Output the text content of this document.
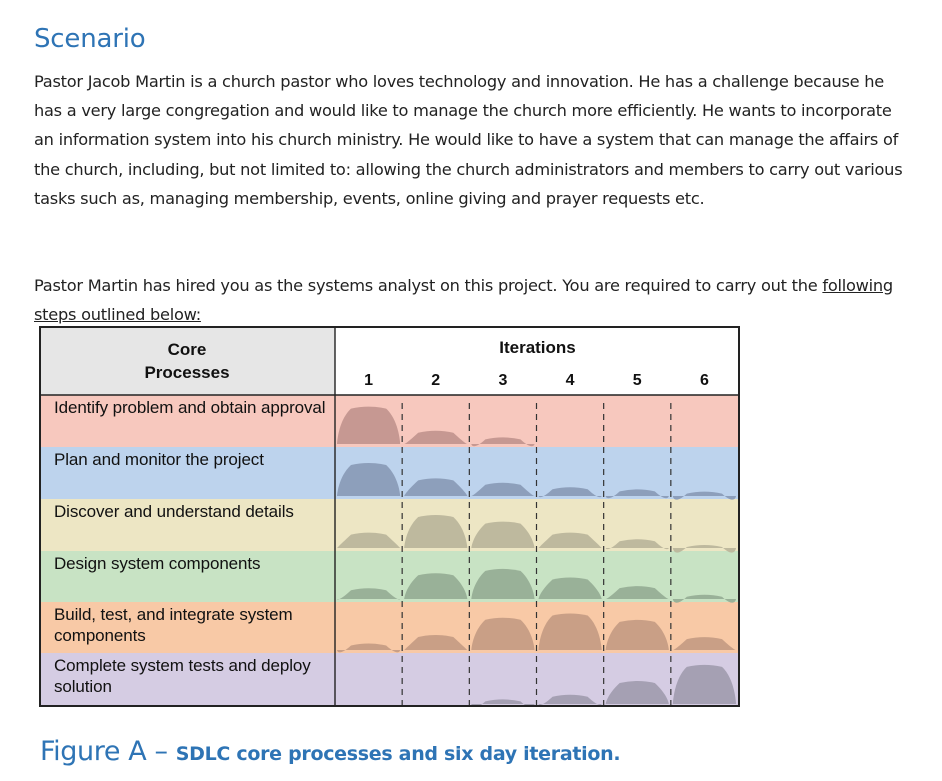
Scenario
Pastor Jacob Martin is a church pastor who loves technology and innovation. He has a challenge because he has a very large congregation and would like to manage the church more efficiently. He wants to incorporate an information system into his church ministry. He would like to have a system that can manage the affairs of the church, including, but not limited to: allowing the church administrators and members to carry out various tasks such as, managing membership, events, online giving and prayer requests etc.
Pastor Martin has hired you as the systems analyst on this project. You are required to carry out the following steps outlined below:
Core
Processes
Iterations
1	2	3	4	5	6
Identify problem and obtain approval
Plan and monitor the project
Discover and understand details
Design system components
Build, test, and integrate system components
Complete system tests and deploy solution
Figure A – SDLC core processes and six day iteration.
